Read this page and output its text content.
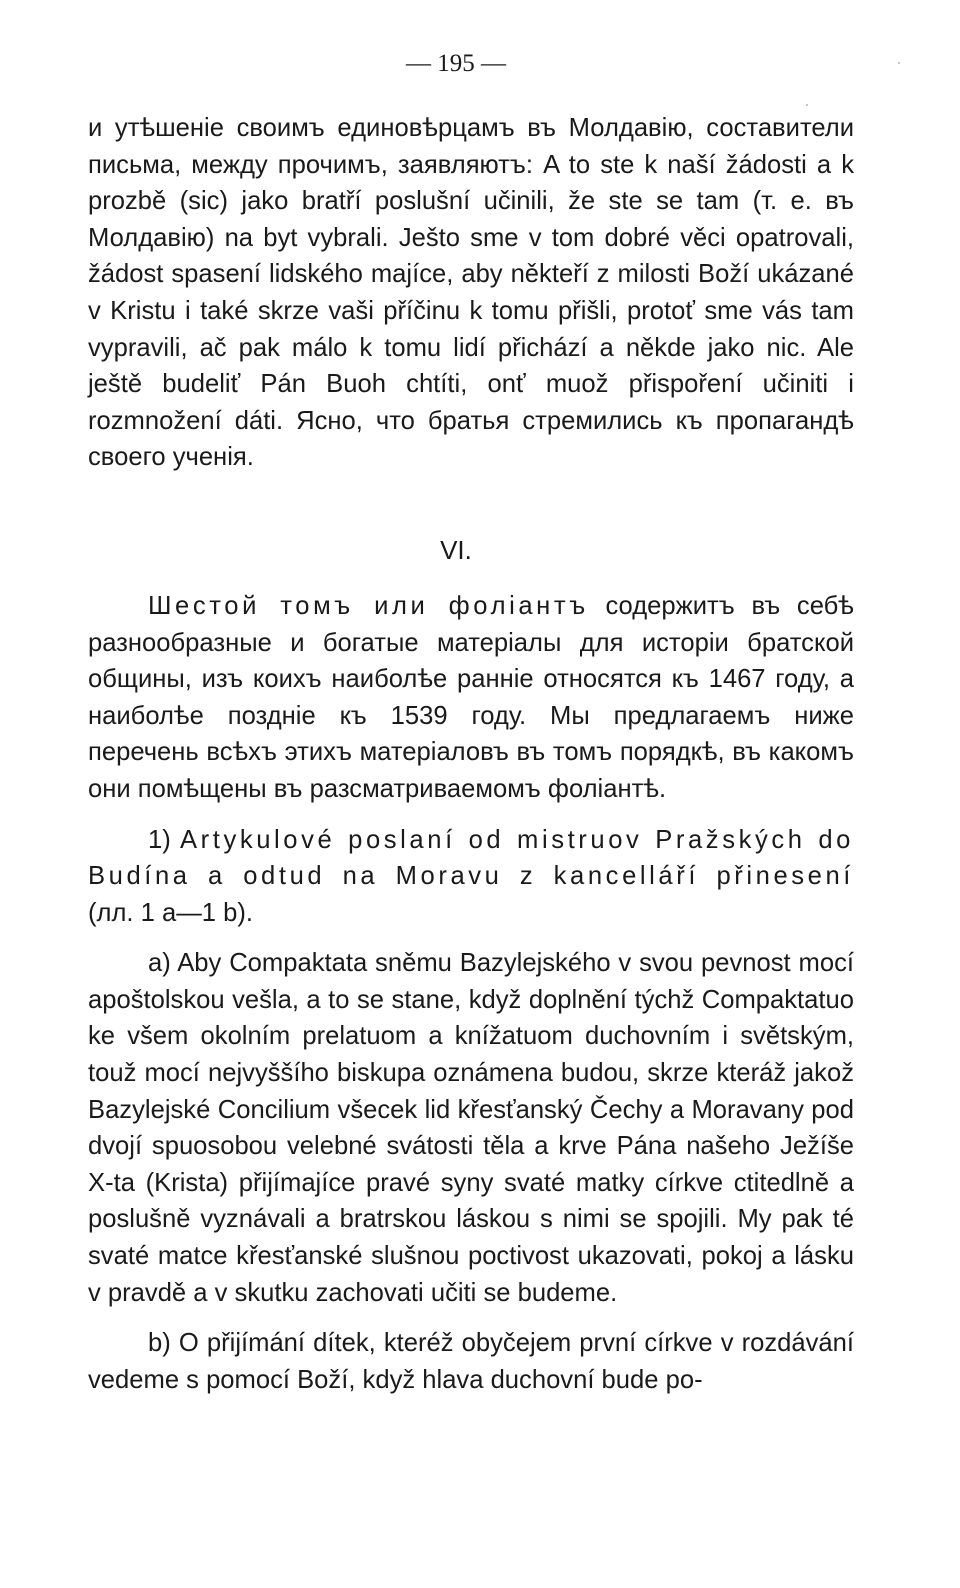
— 195 —

и утѣшеніе своимъ единовѣрцамъ въ Молдавію, составители письма, между прочимъ, заявляютъ: A to ste k naší žádosti a k prozbě (sic) jako bratří poslušní učinili, že ste se tam (т. е. въ Молдавію) na byt vybrali. Ješto sme v tom dobré věci opatrovali, žádost spasení lidského majíce, aby někteří z milosti Boží ukázané v Kristu i také skrze vaši příčinu k tomu přišli, protoť sme vás tam vypravili, ač pak málo k tomu lidí přichází a někde jako nic. Ale ještě budeliť Pán Buoh chtíti, onť muož přispoření učiniti i rozmnožení dáti. Ясно, что братья стремились къ пропагандѣ своего ученія.

VI.

Шестой томъ или фоліантъ содержитъ въ себѣ разнообразные и богатые матеріалы для исторіи братской общины, изъ коихъ наиболѣе ранніе относятся къ 1467 году, а наиболѣе поздніе къ 1539 году. Мы предлагаемъ ниже перечень всѣхъ этихъ матеріаловъ въ томъ порядкѣ, въ какомъ они помѣщены въ разсматриваемомъ фоліантѣ.

1) Artykulové poslaní od mistruov Pražských do Budína a odtud na Moravu z kancelláří přinesení (лл. 1 a—1 b).

a) Aby Compaktata sněmu Bazylejského v svou pevnost mocí apoštolskou vešla, a to se stane, když doplnění týchž Compaktatuo ke všem okolním prelatuom a knížatuom duchovním i světským, touž mocí nejvyššího biskupa oznámena budou, skrze kteráž jakož Bazylejské Concilium všecek lid křesťanský Čechy a Moravany pod dvojí spuosobou velebné svátosti těla a krve Pána našeho Ježíše X-ta (Krista) přijímajíce pravé syny svaté matky církve ctitedlně a poslušně vyznávali a bratrskou láskou s nimi se spojili. My pak té svaté matce křesťanské slušnou poctivost ukazovati, pokoj a lásku v pravdě a v skutku zachovati učiti se budeme.

b) O přijímání dítek, kteréž obyčejem první církve v rozdávání vedeme s pomocí Boží, když hlava duchovní bude po-
